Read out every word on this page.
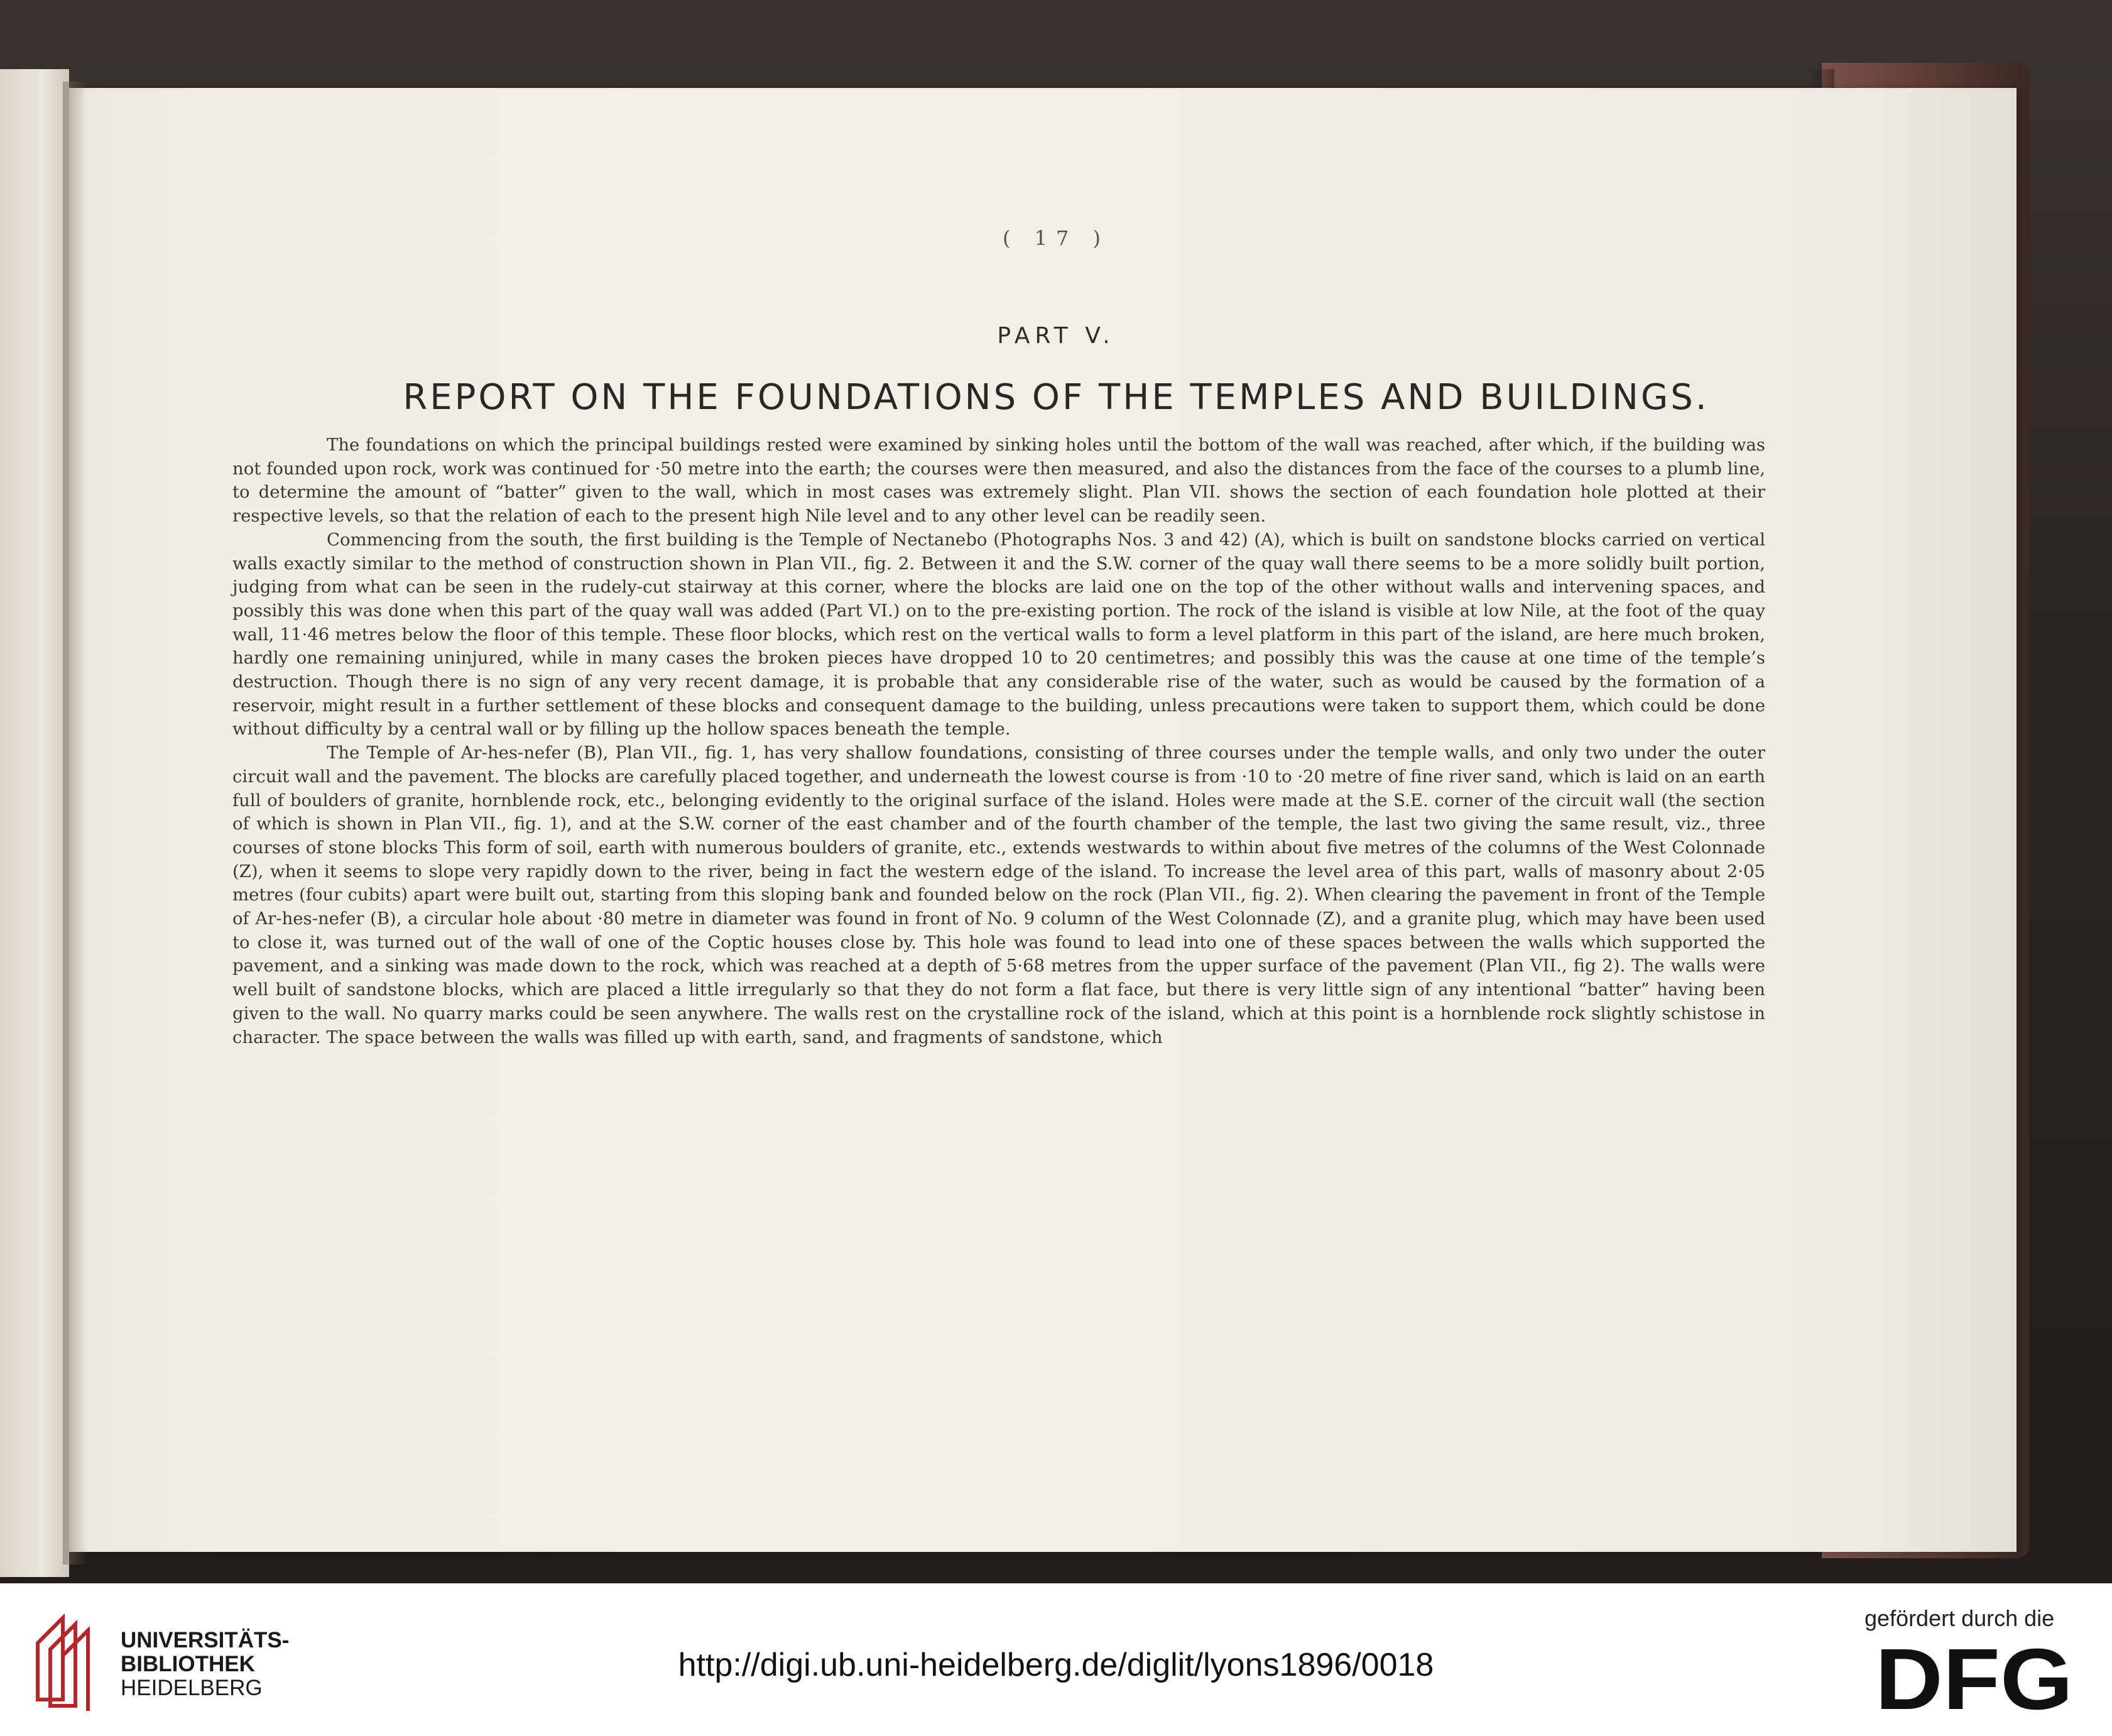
( 17 )
PART V.
REPORT ON THE FOUNDATIONS OF THE TEMPLES AND BUILDINGS.

The foundations on which the principal buildings rested were examined by sinking holes until the bottom of the wall was reached, after which, if the building was not founded upon rock, work was continued for ·50 metre into the earth; the courses were then measured, and also the distances from the face of the courses to a plumb line, to determine the amount of “batter” given to the wall, which in most cases was extremely slight. Plan VII. shows the section of each foundation hole plotted at their respective levels, so that the relation of each to the present high Nile level and to any other level can be readily seen.

Commencing from the south, the first building is the Temple of Nectanebo (Photographs Nos. 3 and 42) (A), which is built on sandstone blocks carried on vertical walls exactly similar to the method of construction shown in Plan VII., fig. 2. Between it and the S.W. corner of the quay wall there seems to be a more solidly built portion, judging from what can be seen in the rudely-cut stairway at this corner, where the blocks are laid one on the top of the other without walls and intervening spaces, and possibly this was done when this part of the quay wall was added (Part VI.) on to the pre-existing portion. The rock of the island is visible at low Nile, at the foot of the quay wall, 11·46 metres below the floor of this temple. These floor blocks, which rest on the vertical walls to form a level platform in this part of the island, are here much broken, hardly one remaining uninjured, while in many cases the broken pieces have dropped 10 to 20 centimetres; and possibly this was the cause at one time of the temple’s destruction. Though there is no sign of any very recent damage, it is probable that any considerable rise of the water, such as would be caused by the formation of a reservoir, might result in a further settlement of these blocks and consequent damage to the building, unless precautions were taken to support them, which could be done without difficulty by a central wall or by filling up the hollow spaces beneath the temple.

The Temple of Ar-hes-nefer (B), Plan VII., fig. 1, has very shallow foundations, consisting of three courses under the temple walls, and only two under the outer circuit wall and the pavement. The blocks are carefully placed together, and underneath the lowest course is from ·10 to ·20 metre of fine river sand, which is laid on an earth full of boulders of granite, hornblende rock, etc., belonging evidently to the original surface of the island. Holes were made at the S.E. corner of the circuit wall (the section of which is shown in Plan VII., fig. 1), and at the S.W. corner of the east chamber and of the fourth chamber of the temple, the last two giving the same result, viz., three courses of stone blocks This form of soil, earth with numerous boulders of granite, etc., extends westwards to within about five metres of the columns of the West Colonnade (Z), when it seems to slope very rapidly down to the river, being in fact the western edge of the island. To increase the level area of this part, walls of masonry about 2·05 metres (four cubits) apart were built out, starting from this sloping bank and founded below on the rock (Plan VII., fig. 2). When clearing the pavement in front of the Temple of Ar-hes-nefer (B), a circular hole about ·80 metre in diameter was found in front of No. 9 column of the West Colonnade (Z), and a granite plug, which may have been used to close it, was turned out of the wall of one of the Coptic houses close by. This hole was found to lead into one of these spaces between the walls which supported the pavement, and a sinking was made down to the rock, which was reached at a depth of 5·68 metres from the upper surface of the pavement (Plan VII., fig 2). The walls were well built of sandstone blocks, which are placed a little irregularly so that they do not form a flat face, but there is very little sign of any intentional “batter” having been given to the wall. No quarry marks could be seen anywhere. The walls rest on the crystalline rock of the island, which at this point is a hornblende rock slightly schistose in character. The space between the walls was filled up with earth, sand, and fragments of sandstone, which

UNIVERSITÄTS-
BIBLIOTHEK
HEIDELBERG
http://digi.ub.uni-heidelberg.de/diglit/lyons1896/0018
gefördert durch die
DFG
